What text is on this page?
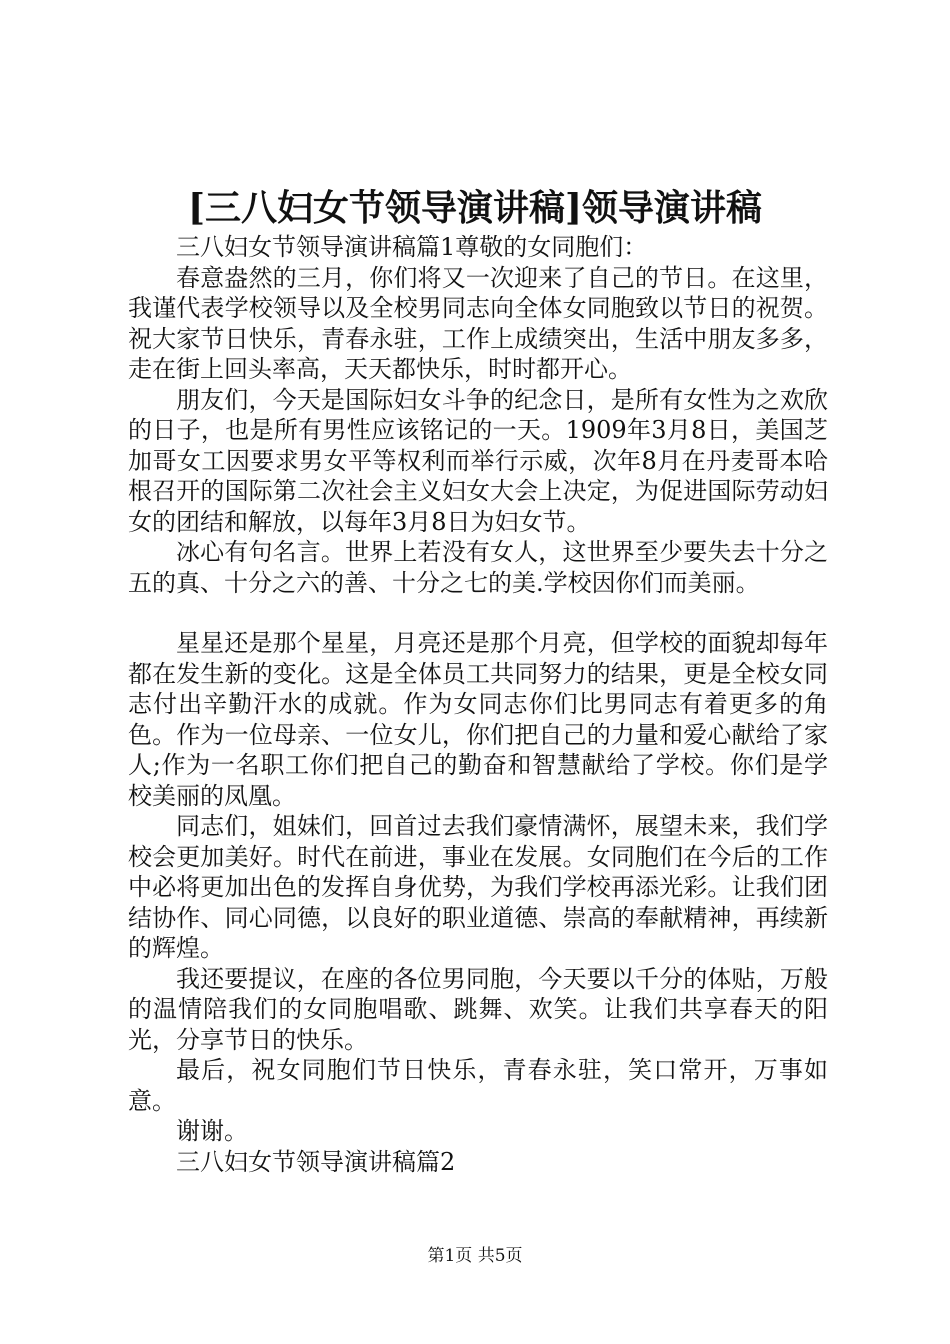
[三八妇女节领导演讲稿]领导演讲稿

三八妇女节领导演讲稿篇1尊敬的女同胞们：

春意盎然的三月，你们将又一次迎来了自己的节日。在这里，我谨代表学校领导以及全校男同志向全体女同胞致以节日的祝贺。祝大家节日快乐，青春永驻，工作上成绩突出，生活中朋友多多，走在街上回头率高，天天都快乐，时时都开心。

朋友们，今天是国际妇女斗争的纪念日，是所有女性为之欢欣的日子，也是所有男性应该铭记的一天。1909年3月8日，美国芝加哥女工因要求男女平等权利而举行示威，次年8月在丹麦哥本哈根召开的国际第二次社会主义妇女大会上决定，为促进国际劳动妇女的团结和解放，以每年3月8日为妇女节。

冰心有句名言。世界上若没有女人，这世界至少要失去十分之五的真、十分之六的善、十分之七的美.学校因你们而美丽。

星星还是那个星星，月亮还是那个月亮，但学校的面貌却每年都在发生新的变化。这是全体员工共同努力的结果，更是全校女同志付出辛勤汗水的成就。作为女同志你们比男同志有着更多的角色。作为一位母亲、一位女儿，你们把自己的力量和爱心献给了家人;作为一名职工你们把自己的勤奋和智慧献给了学校。你们是学校美丽的凤凰。

同志们，姐妹们，回首过去我们豪情满怀，展望未来，我们学校会更加美好。时代在前进，事业在发展。女同胞们在今后的工作中必将更加出色的发挥自身优势，为我们学校再添光彩。让我们团结协作、同心同德，以良好的职业道德、崇高的奉献精神，再续新的辉煌。

我还要提议，在座的各位男同胞，今天要以千分的体贴，万般的温情陪我们的女同胞唱歌、跳舞、欢笑。让我们共享春天的阳光，分享节日的快乐。

最后，祝女同胞们节日快乐，青春永驻，笑口常开，万事如意。

谢谢。

三八妇女节领导演讲稿篇2

第1页 共5页
